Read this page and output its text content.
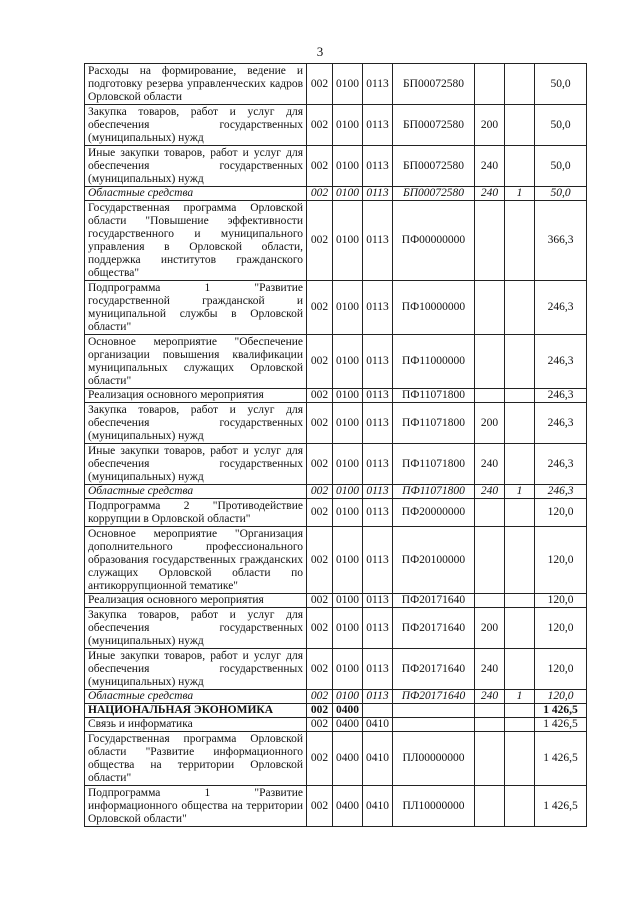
3
Расходы на формирование, ведение и подготовку резерва управленческих кадров Орловской области	002	0100	0113	БП00072580			50,0
Закупка товаров, работ и услуг для обеспечения государственных (муниципальных) нужд	002	0100	0113	БП00072580	200		50,0
Иные закупки товаров, работ и услуг для обеспечения государственных (муниципальных) нужд	002	0100	0113	БП00072580	240		50,0
Областные средства	002	0100	0113	БП00072580	240	1	50,0
Государственная программа Орловской области "Повышение эффективности государственного и муниципального управления в Орловской области, поддержка институтов гражданского общества"	002	0100	0113	ПФ00000000			366,3
Подпрограмма 1 "Развитие государственной гражданской и муниципальной службы в Орловской области"	002	0100	0113	ПФ10000000			246,3
Основное мероприятие "Обеспечение организации повышения квалификации муниципальных служащих Орловской области"	002	0100	0113	ПФ11000000			246,3
Реализация основного мероприятия	002	0100	0113	ПФ11071800			246,3
Закупка товаров, работ и услуг для обеспечения государственных (муниципальных) нужд	002	0100	0113	ПФ11071800	200		246,3
Иные закупки товаров, работ и услуг для обеспечения государственных (муниципальных) нужд	002	0100	0113	ПФ11071800	240		246,3
Областные средства	002	0100	0113	ПФ11071800	240	1	246,3
Подпрограмма 2 "Противодействие коррупции в Орловской области"	002	0100	0113	ПФ20000000			120,0
Основное мероприятие "Организация дополнительного профессионального образования государственных гражданских служащих Орловской области по антикоррупционной тематике"	002	0100	0113	ПФ20100000			120,0
Реализация основного мероприятия	002	0100	0113	ПФ20171640			120,0
Закупка товаров, работ и услуг для обеспечения государственных (муниципальных) нужд	002	0100	0113	ПФ20171640	200		120,0
Иные закупки товаров, работ и услуг для обеспечения государственных (муниципальных) нужд	002	0100	0113	ПФ20171640	240		120,0
Областные средства	002	0100	0113	ПФ20171640	240	1	120,0
НАЦИОНАЛЬНАЯ ЭКОНОМИКА	002	0400					1 426,5
Связь и информатика	002	0400	0410				1 426,5
Государственная программа Орловской области "Развитие информационного общества на территории Орловской области"	002	0400	0410	ПЛ00000000			1 426,5
Подпрограмма 1 "Развитие информационного общества на территории Орловской области"	002	0400	0410	ПЛ10000000			1 426,5
